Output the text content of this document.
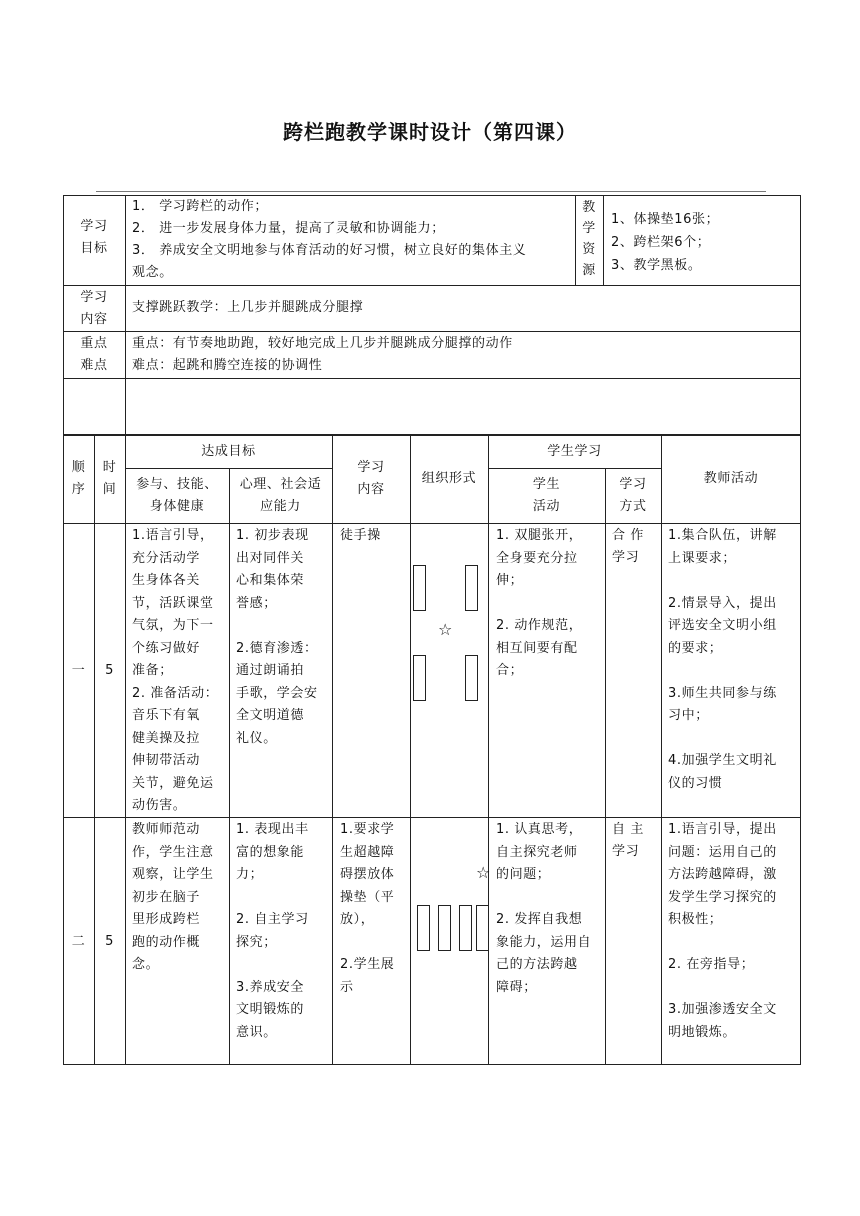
跨栏跑教学课时设计（第四课）
学习
目标
1． 学习跨栏的动作；
2． 进一步发展身体力量，提高了灵敏和协调能力；
3． 养成安全文明地参与体育活动的好习惯，树立良好的集体主义
观念。
教
学
资
源
1、体操垫16张；
2、跨栏架6个；
3、教学黑板。
学习
内容
支撑跳跃教学：上几步并腿跳成分腿撑
重点
难点
重点：有节奏地助跑，较好地完成上几步并腿跳成分腿撑的动作
难点：起跳和腾空连接的协调性
顺
序
时
间
达成目标
参与、技能、
身体健康
心理、社会适
应能力
学习
内容
组织形式
学生学习
学生
活动
学习
方式
教师活动
一	5
1.语言引导，
充分活动学
生身体各关
节，活跃课堂
气氛，为下一
个练习做好
准备；
2. 准备活动：
音乐下有氧
健美操及拉
伸韧带活动
关节，避免运
动伤害。
1. 初步表现
出对同伴关
心和集体荣
誉感；

2.德育渗透：
通过朗诵拍
手歌，学会安
全文明道德
礼仪。
徒手操
☆
1. 双腿张开，
全身要充分拉
伸；

2. 动作规范，
相互间要有配
合；
合 作
学习
1.集合队伍，讲解
上课要求；

2.情景导入，提出
评选安全文明小组
的要求；

3.师生共同参与练
习中；

4.加强学生文明礼
仪的习惯
二	5
教师师范动
作，学生注意
观察，让学生
初步在脑子
里形成跨栏
跑的动作概
念。
1. 表现出丰
富的想象能
力；

2. 自主学习
探究；

3.养成安全
文明锻炼的
意识。
1.要求学
生超越障
碍摆放体
操垫（平
放），

2.学生展
示
☆
1. 认真思考，
自主探究老师
的问题；

2. 发挥自我想
象能力，运用自
己的方法跨越
障碍；
自 主
学习
1.语言引导，提出
问题：运用自己的
方法跨越障碍，激
发学生学习探究的
积极性；

2. 在旁指导；

3.加强渗透安全文
明地锻炼。
